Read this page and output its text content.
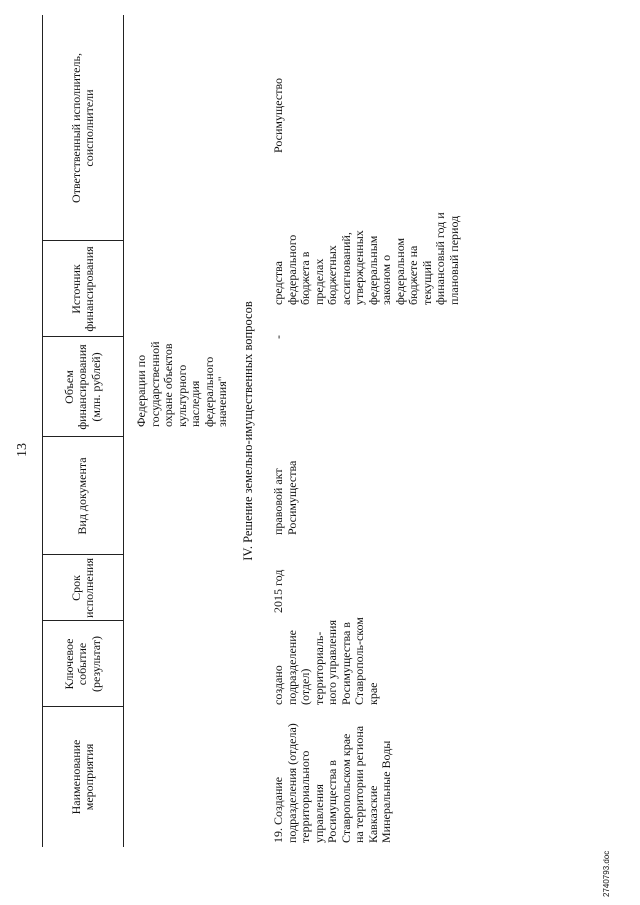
13
Наименование мероприятия
Ключевое событие (результат)
Срок исполнения
Вид документа
Объем финансирования (млн. рублей)
Источник финансирования
Ответственный исполнитель, соисполнители
Федерации по государственной охране объектов культурного наследия федерального значения" IV. Решение земельно-имущественных вопросов
19. Создание подразделения (отдела) территориального управления Росимущества в Ставропольском крае на территории региона Кавказские Минеральные Воды
создано подразделение (отдел) территориаль-ного управления Росимущества в Ставрополь-ском крае
2015 год
правовой акт Росимущества
-
средства федерального бюджета в пределах бюджетных ассигнований, утвержденных федеральным законом о федеральном бюджете на текущий финансовый год и плановый период
Росимущество
2740793.doc
